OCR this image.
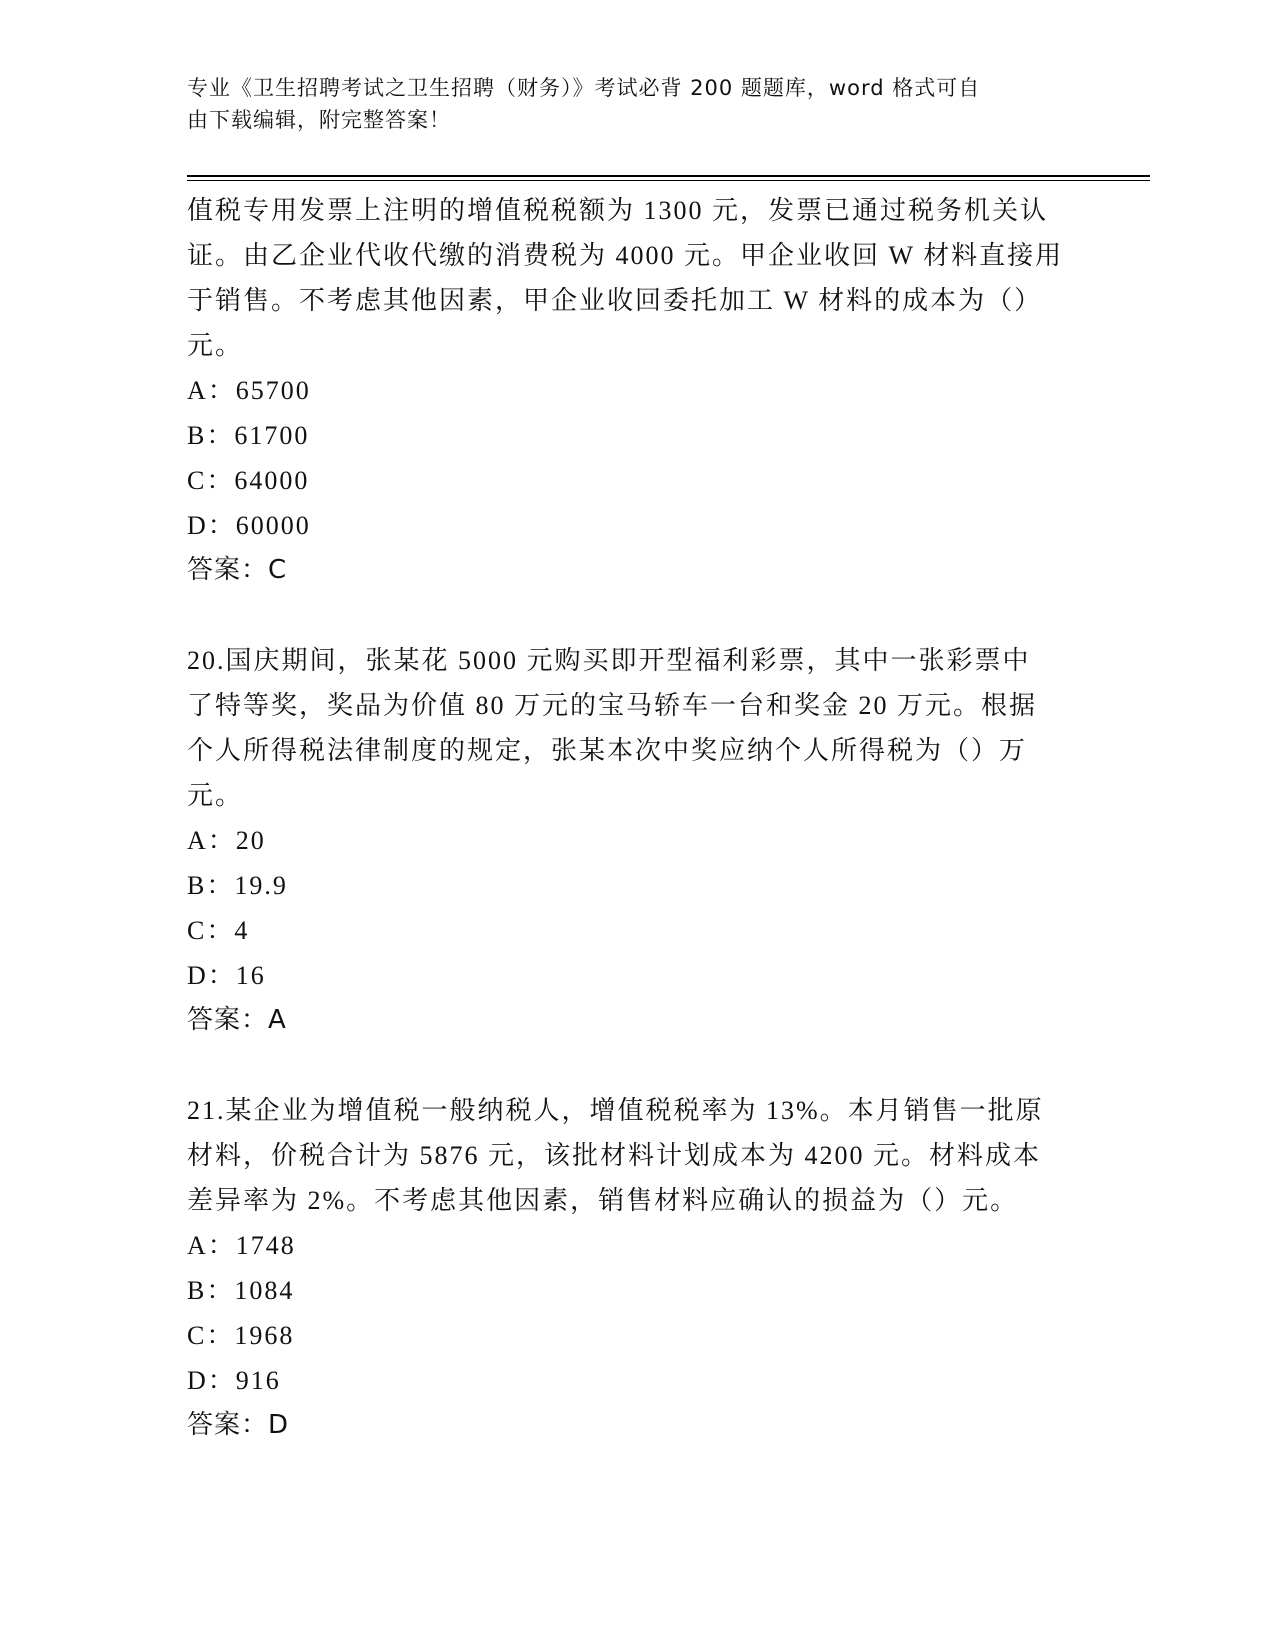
专业《卫生招聘考试之卫生招聘（财务）》考试必背 200 题题库，word 格式可自
由下载编辑，附完整答案！
值税专用发票上注明的增值税税额为 1300 元，发票已通过税务机关认
证。由乙企业代收代缴的消费税为 4000 元。甲企业收回 W 材料直接用
于销售。不考虑其他因素，甲企业收回委托加工 W 材料的成本为（）
元。
A：65700
B：61700
C：64000
D：60000
答案：C
20.国庆期间，张某花 5000 元购买即开型福利彩票，其中一张彩票中
了特等奖，奖品为价值 80 万元的宝马轿车一台和奖金 20 万元。根据
个人所得税法律制度的规定，张某本次中奖应纳个人所得税为（）万
元。
A：20
B：19.9
C：4
D：16
答案：A
21.某企业为增值税一般纳税人，增值税税率为 13%。本月销售一批原
材料，价税合计为 5876 元，该批材料计划成本为 4200 元。材料成本
差异率为 2%。不考虑其他因素，销售材料应确认的损益为（）元。
A：1748
B：1084
C：1968
D：916
答案：D
